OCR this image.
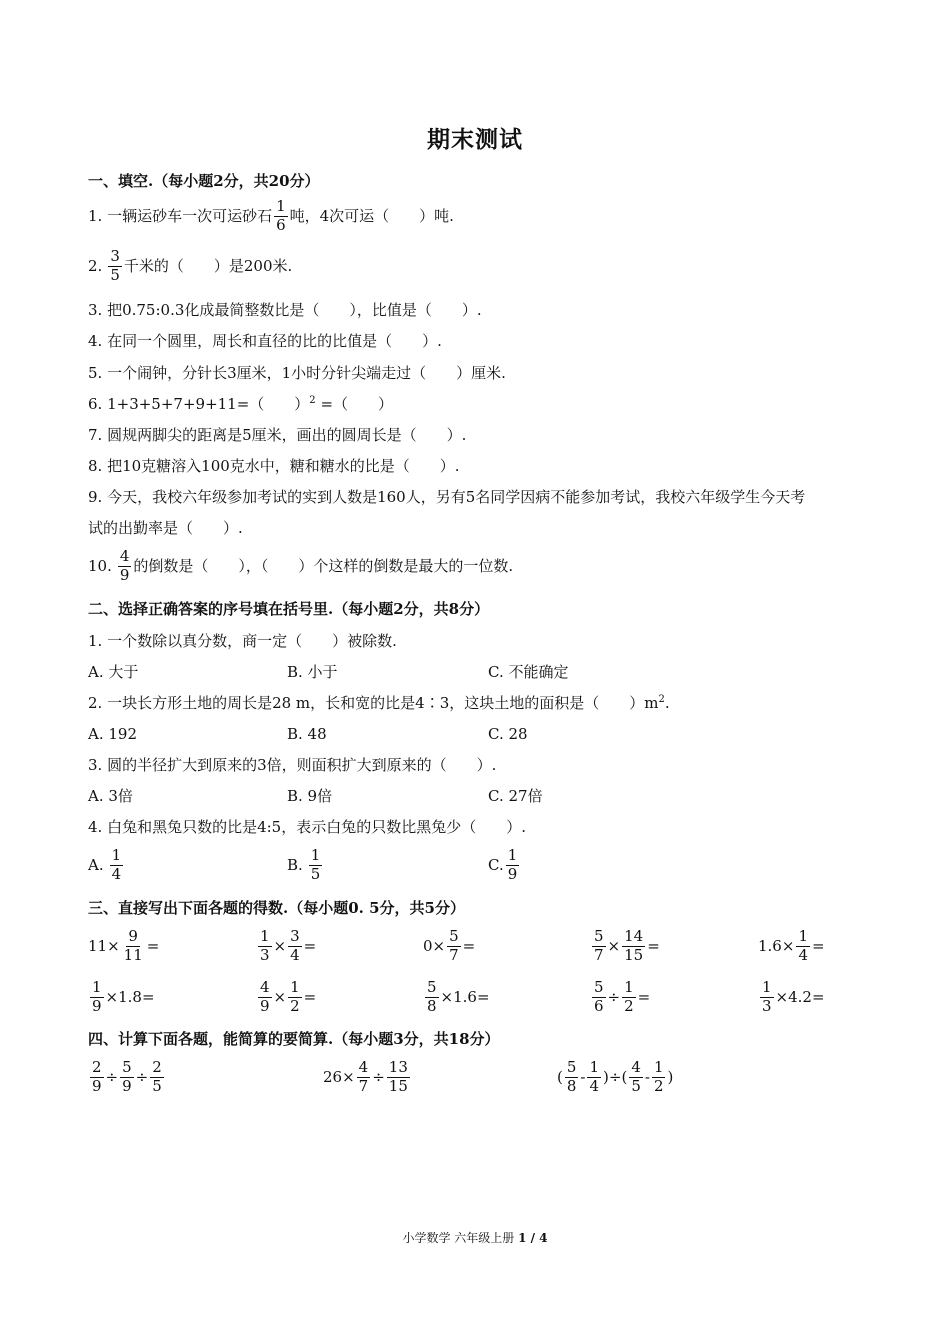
期末测试
一、填空.（每小题2分，共20分）
1. 一辆运砂车一次可运砂石 $\frac{1}{6}$ 吨，4次可运（　　）吨.
2. $\frac{3}{5}$ 千米的（　　）是200米.
3. 把0.75:0.3化成最简整数比是（　　），比值是（　　）.
4. 在同一个圆里，周长和直径的比的比值是（　　）.
5. 一个闹钟，分针长3厘米，1小时分针尖端走过（　　）厘米.
6. 1+3+5+7+9+11=（　　）$^2$ =（　　）
7. 圆规两脚尖的距离是5厘米，画出的圆周长是（　　）.
8. 把10克糖溶入100克水中，糖和糖水的比是（　　）.
9. 今天，我校六年级参加考试的实到人数是160人，另有5名同学因病不能参加考试，我校六年级学生今天考
试的出勤率是（　　）.
10. $\frac{4}{9}$ 的倒数是（　　），（　　）个这样的倒数是最大的一位数.
二、选择正确答案的序号填在括号里.（每小题2分，共8分）
1. 一个数除以真分数，商一定（　　）被除数.
A. 大于	B. 小于	C. 不能确定
2. 一块长方形土地的周长是28 m，长和宽的比是4∶3，这块土地的面积是（　　）$m^2$.
A. 192	B. 48	C. 28
3. 圆的半径扩大到原来的3倍，则面积扩大到原来的（　　）.
A. 3倍	B. 9倍	C. 27倍
4. 白兔和黑兔只数的比是4:5，表示白兔的只数比黑兔少（　　）.
A. $\frac{1}{4}$	B. $\frac{1}{5}$	C. $\frac{1}{9}$
三、直接写出下面各题的得数.（每小题0. 5分，共5分）
$11\times \frac{9}{11}$ =	$\frac{1}{3} \times \frac{3}{4}$ =	$0\times \frac{5}{7}$ =	$\frac{5}{7} \times \frac{14}{15}$ =	$1.6\times \frac{1}{4}$ =
$\frac{1}{9} \times 1.8=$	$\frac{4}{9} \times \frac{1}{2}$ =	$\frac{5}{8} \times 1.6=$	$\frac{5}{6} \div \frac{1}{2}$ =	$\frac{1}{3} \times 4.2=$
四、计算下面各题，能简算的要简算.（每小题3分，共18分）
$\frac{2}{9} \div \frac{5}{9} \div \frac{2}{5}$	$26\times \frac{4}{7} \div \frac{13}{15}$	( $\frac{5}{8} - \frac{1}{4}$ )÷( $\frac{4}{5} - \frac{1}{2}$ )
小学数学 六年级上册 1 / 4
